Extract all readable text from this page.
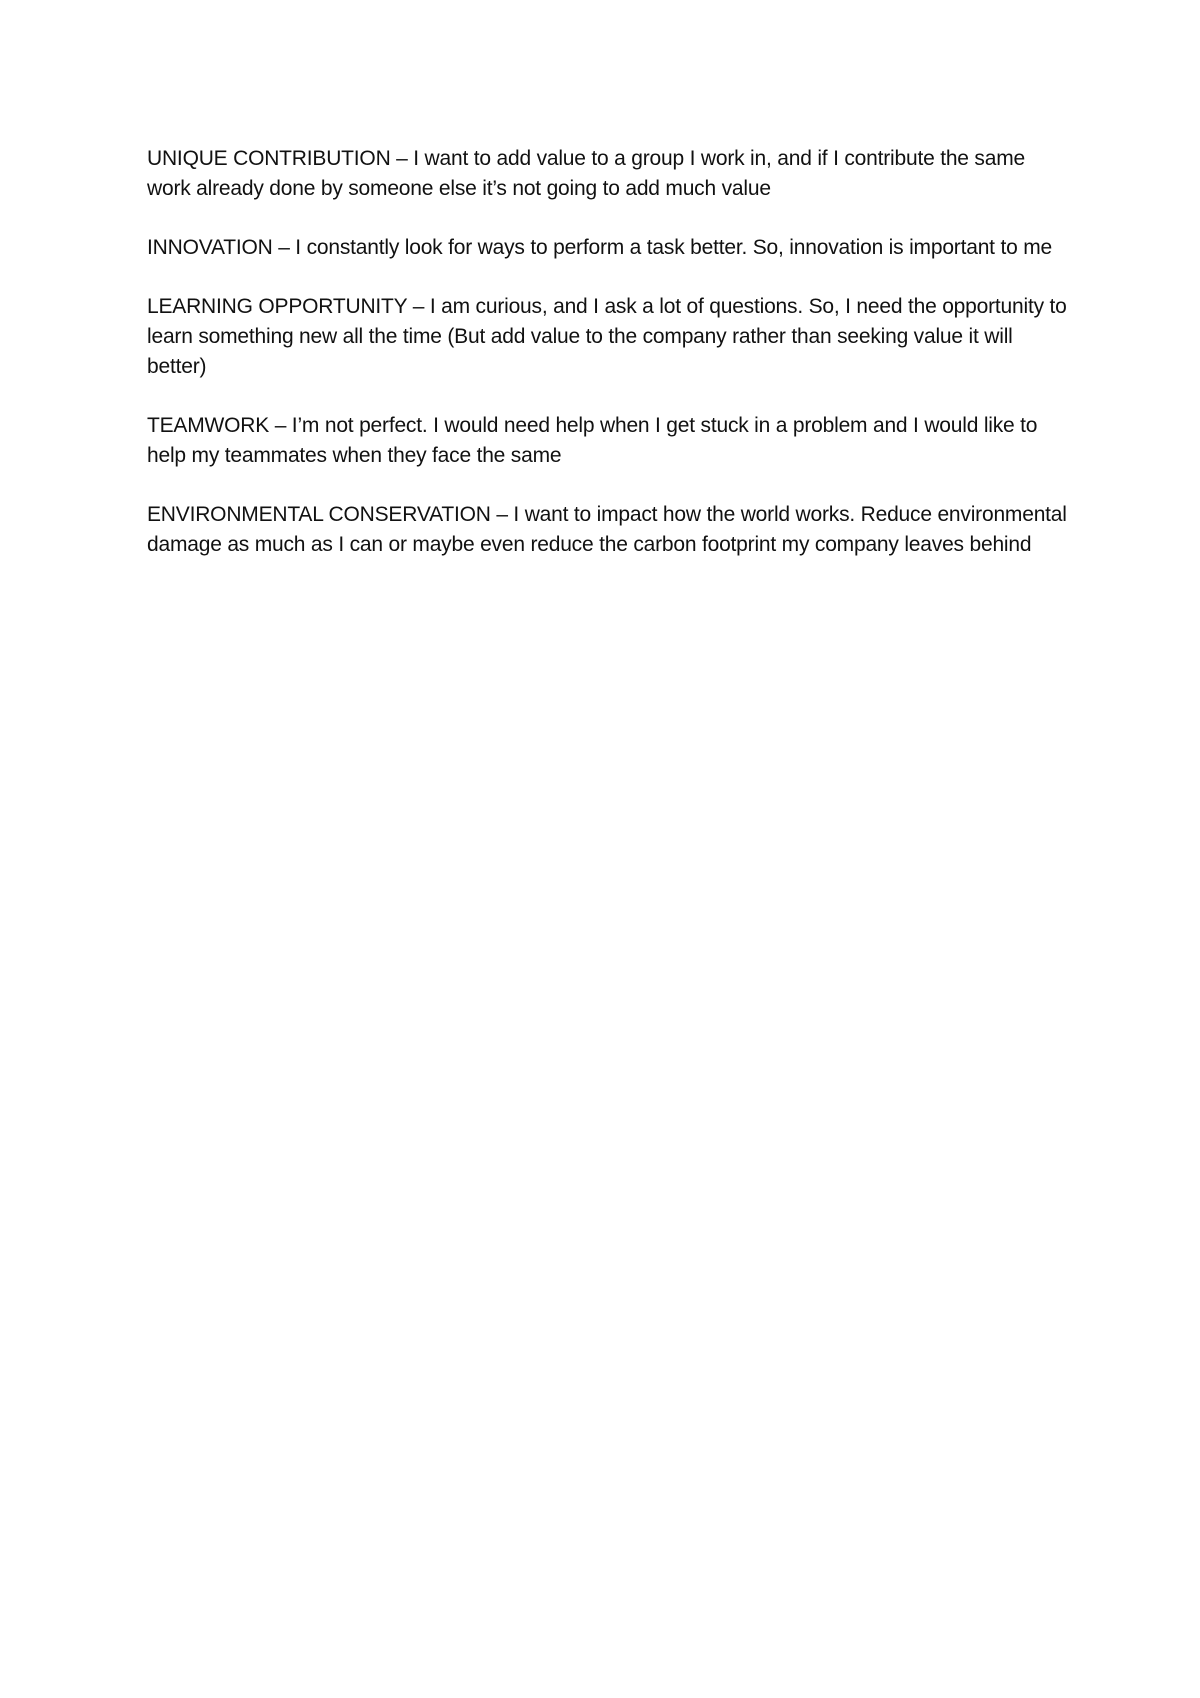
UNIQUE CONTRIBUTION – I want to add value to a group I work in, and if I contribute the same work already done by someone else it’s not going to add much value

INNOVATION – I constantly look for ways to perform a task better. So, innovation is important to me

LEARNING OPPORTUNITY – I am curious, and I ask a lot of questions. So, I need the opportunity to learn something new all the time (But add value to the company rather than seeking value it will better)

TEAMWORK – I’m not perfect. I would need help when I get stuck in a problem and I would like to help my teammates when they face the same

ENVIRONMENTAL CONSERVATION – I want to impact how the world works. Reduce environmental damage as much as I can or maybe even reduce the carbon footprint my company leaves behind
